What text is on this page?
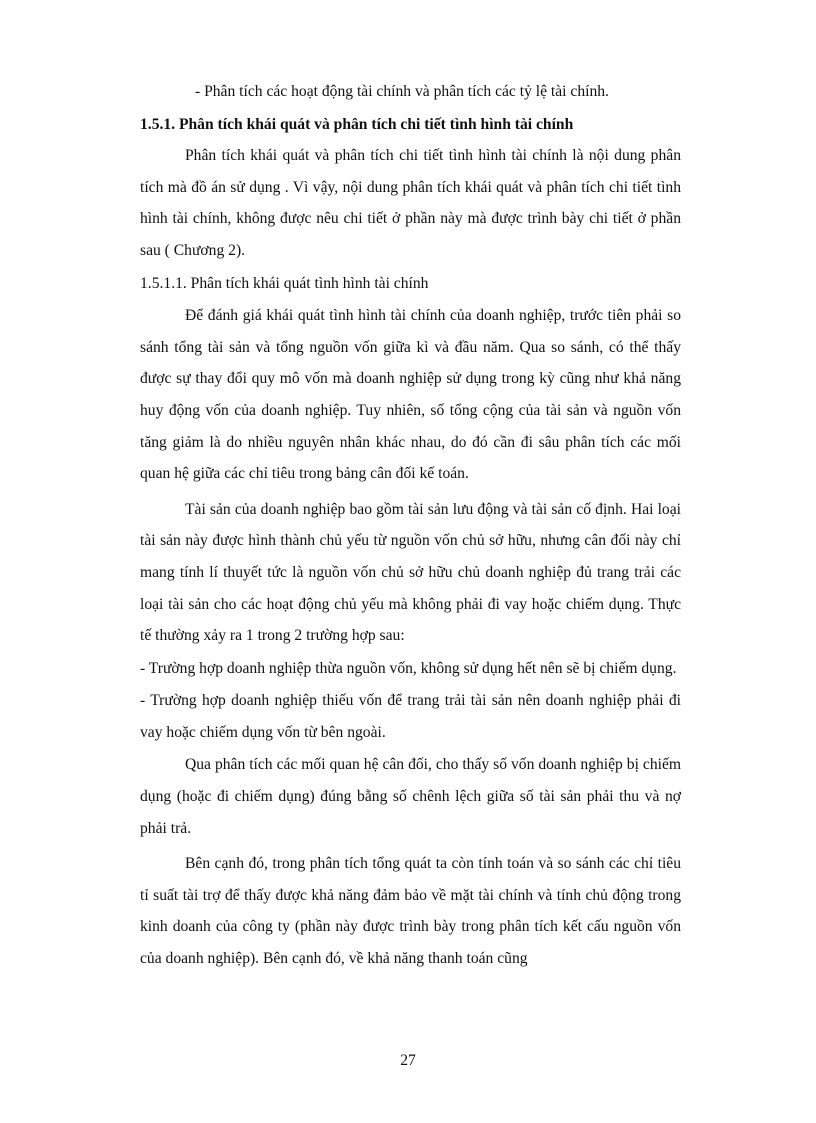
- Phân tích các hoạt động tài chính và phân tích các tỷ lệ tài chính.

1.5.1. Phân tích khái quát và phân tích chi tiết tình hình tài chính

Phân tích khái quát và phân tích chi tiết tình hình tài chính là nội dung phân tích mà đồ án sử dụng . Vì vậy, nội dung phân tích khái quát và phân tích chi tiết tình hình tài chính, không được nêu chi tiết ở phần này mà được trình bày chi tiết ở phần sau ( Chương 2).

1.5.1.1. Phân tích khái quát tình hình tài chính

Để đánh giá khái quát tình hình tài chính của doanh nghiệp, trước tiên phải so sánh tổng tài sản và tổng nguồn vốn giữa kì và đầu năm. Qua so sánh, có thể thấy được sự thay đổi quy mô vốn mà doanh nghiệp sử dụng trong kỳ cũng như khả năng huy động vốn của doanh nghiệp. Tuy nhiên, số tổng cộng của tài sản và nguồn vốn tăng giảm là do nhiều nguyên nhân khác nhau, do đó cần đi sâu phân tích các mối quan hệ giữa các chỉ tiêu trong bảng cân đối kế toán.

Tài sản của doanh nghiệp bao gồm tài sản lưu động và tài sản cố định. Hai loại tài sản này được hình thành chủ yếu từ nguồn vốn chủ sở hữu, nhưng cân đối này chỉ mang tính lí thuyết tức là nguồn vốn chủ sở hữu chủ doanh nghiệp đủ trang trải các loại tài sản cho các hoạt động chủ yếu mà không phải đi vay hoặc chiếm dụng. Thực tế thường xảy ra 1 trong 2 trường hợp sau:

- Trường hợp doanh nghiệp thừa nguồn vốn, không sử dụng hết nên sẽ bị chiếm dụng.

- Trường hợp doanh nghiệp thiếu vốn để trang trải tài sản nên doanh nghiệp phải đi vay hoặc chiếm dụng vốn từ bên ngoài.

Qua phân tích các mối quan hệ cân đối, cho thấy số vốn doanh nghiệp bị chiếm dụng (hoặc đi chiếm dụng) đúng bằng số chênh lệch giữa số tài sản phải thu và nợ phải trả.

Bên cạnh đó, trong phân tích tổng quát ta còn tính toán và so sánh các chỉ tiêu tỉ suất tài trợ để thấy được khả năng đảm bảo về mặt tài chính và tính chủ động trong kinh doanh của công ty (phần này được trình bày trong phân tích kết cấu nguồn vốn của doanh nghiệp). Bên cạnh đó, về khả năng thanh toán cũng

27
